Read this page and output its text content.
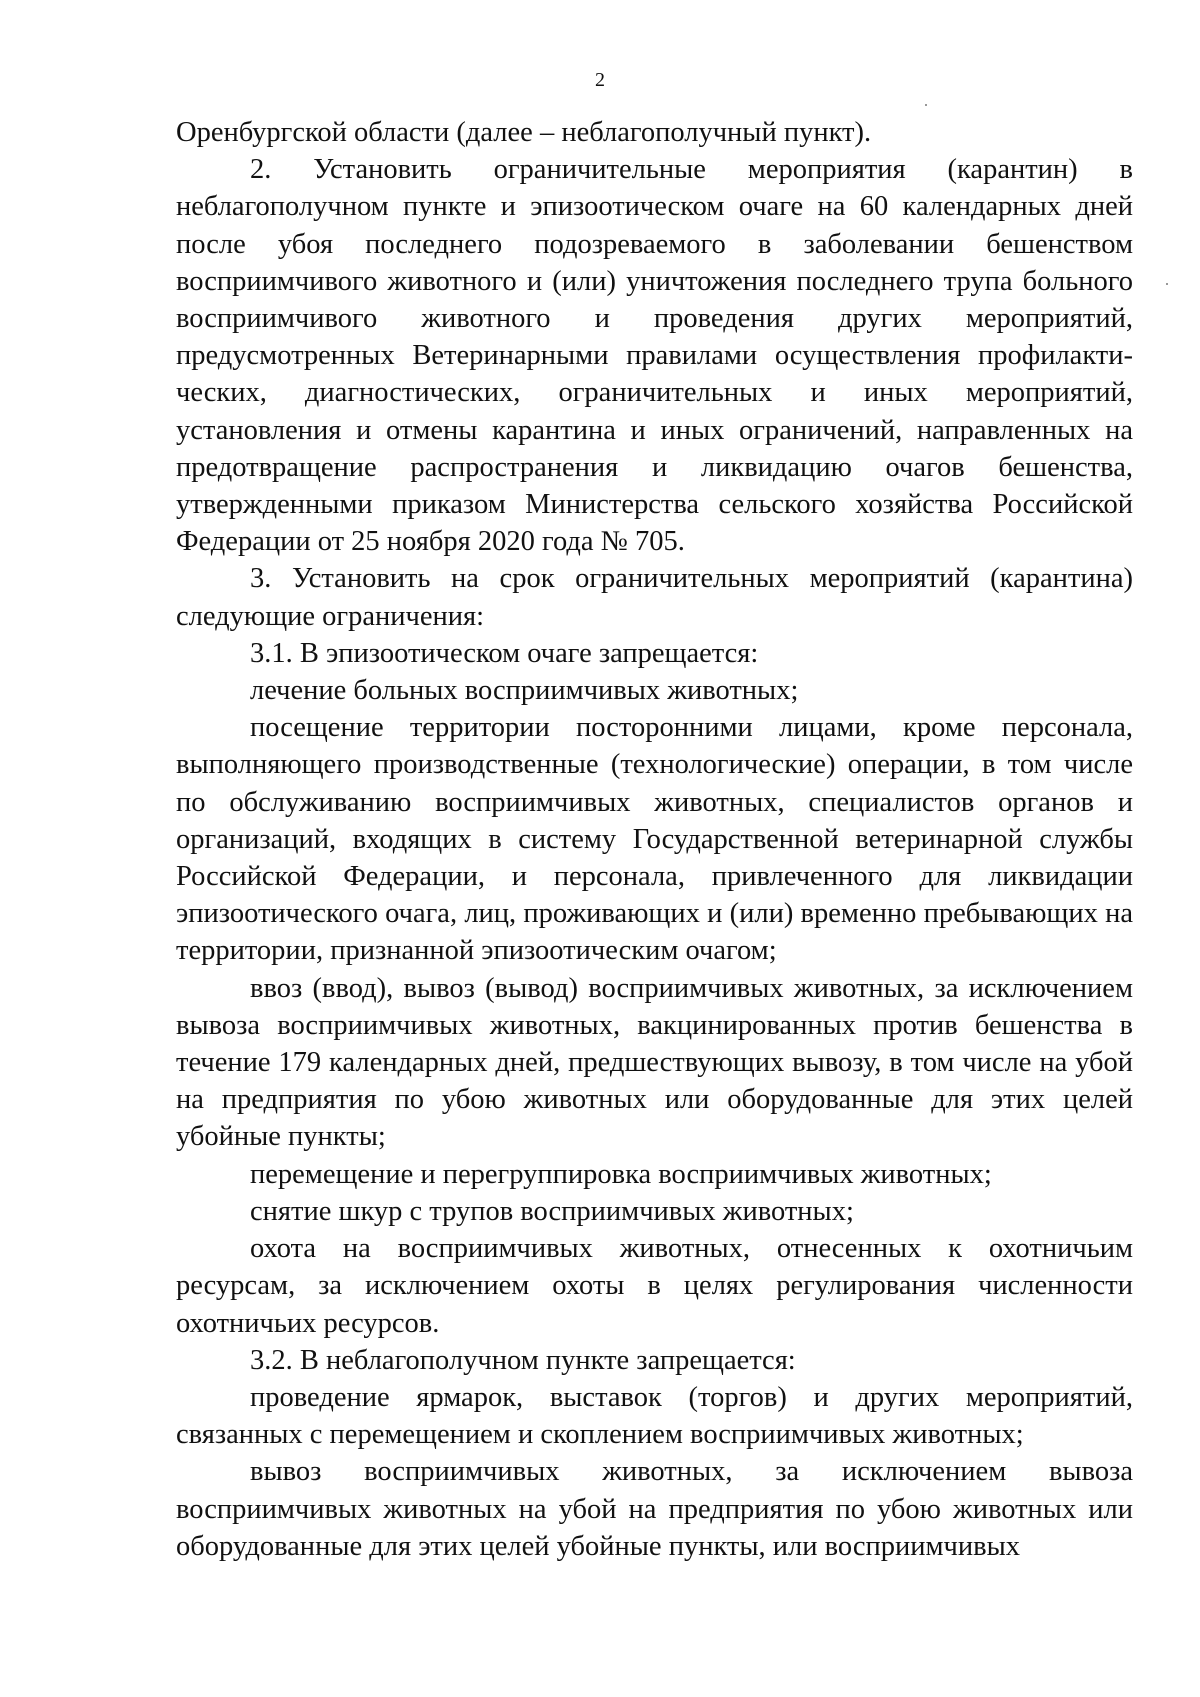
2

Оренбургской области (далее – неблагополучный пункт).

2. Установить ограничительные мероприятия (карантин) в неблагополучном пункте и эпизоотическом очаге на 60 календарных дней после убоя последнего подозреваемого в заболевании бешенством восприимчивого животного и (или) уничтожения последнего трупа больного восприимчивого животного и проведения других мероприятий, предусмотренных Ветеринарными правилами осуществления профилактических, диагностических, ограничительных и иных мероприятий, установления и отмены карантина и иных ограничений, направленных на предотвращение распространения и ликвидацию очагов бешенства, утвержденными приказом Министерства сельского хозяйства Российской Федерации от 25 ноября 2020 года № 705.

3. Установить на срок ограничительных мероприятий (карантина) следующие ограничения:

3.1. В эпизоотическом очаге запрещается:

лечение больных восприимчивых животных;

посещение территории посторонними лицами, кроме персонала, выполняющего производственные (технологические) операции, в том числе по обслуживанию восприимчивых животных, специалистов органов и организаций, входящих в систему Государственной ветеринарной службы Российской Федерации, и персонала, привлеченного для ликвидации эпизоотического очага, лиц, проживающих и (или) временно пребывающих на территории, признанной эпизоотическим очагом;

ввоз (ввод), вывоз (вывод) восприимчивых животных, за исключением вывоза восприимчивых животных, вакцинированных против бешенства в течение 179 календарных дней, предшествующих вывозу, в том числе на убой на предприятия по убою животных или оборудованные для этих целей убойные пункты;

перемещение и перегруппировка восприимчивых животных;

снятие шкур с трупов восприимчивых животных;

охота на восприимчивых животных, отнесенных к охотничьим ресурсам, за исключением охоты в целях регулирования численности охотничьих ресурсов.

3.2. В неблагополучном пункте запрещается:

проведение ярмарок, выставок (торгов) и других мероприятий, связанных с перемещением и скоплением восприимчивых животных;

вывоз восприимчивых животных, за исключением вывоза восприимчивых животных на убой на предприятия по убою животных или оборудованные для этих целей убойные пункты, или восприимчивых
